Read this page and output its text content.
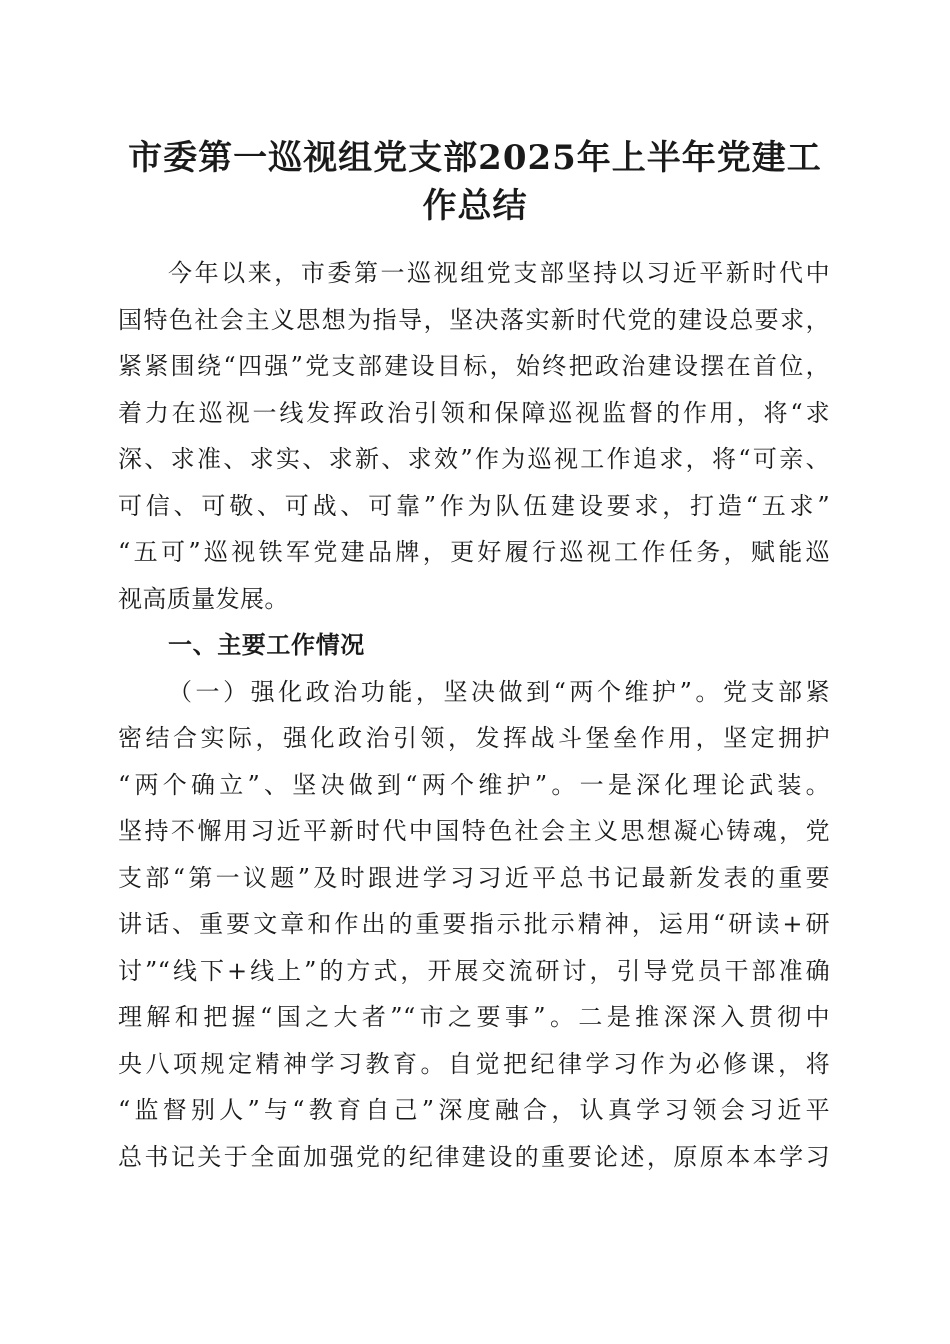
市委第一巡视组党支部2025年上半年党建工
作总结
今年以来，市委第一巡视组党支部坚持以习近平新时代中
国特色社会主义思想为指导，坚决落实新时代党的建设总要求，
紧紧围绕“四强”党支部建设目标，始终把政治建设摆在首位，
着力在巡视一线发挥政治引领和保障巡视监督的作用，将“求
深、求准、求实、求新、求效”作为巡视工作追求，将“可亲、
可信、可敬、可战、可靠”作为队伍建设要求，打造“五求”
“五可”巡视铁军党建品牌，更好履行巡视工作任务，赋能巡
视高质量发展。
一、主要工作情况
（一）强化政治功能，坚决做到“两个维护”。党支部紧
密结合实际，强化政治引领，发挥战斗堡垒作用，坚定拥护
“两个确立”、坚决做到“两个维护”。一是深化理论武装。
坚持不懈用习近平新时代中国特色社会主义思想凝心铸魂，党
支部“第一议题”及时跟进学习习近平总书记最新发表的重要
讲话、重要文章和作出的重要指示批示精神，运用“研读+研
讨”“线下+线上”的方式，开展交流研讨，引导党员干部准确
理解和把握“国之大者”“市之要事”。二是推深深入贯彻中
央八项规定精神学习教育。自觉把纪律学习作为必修课，将
“监督别人”与“教育自己”深度融合，认真学习领会习近平
总书记关于全面加强党的纪律建设的重要论述，原原本本学习
